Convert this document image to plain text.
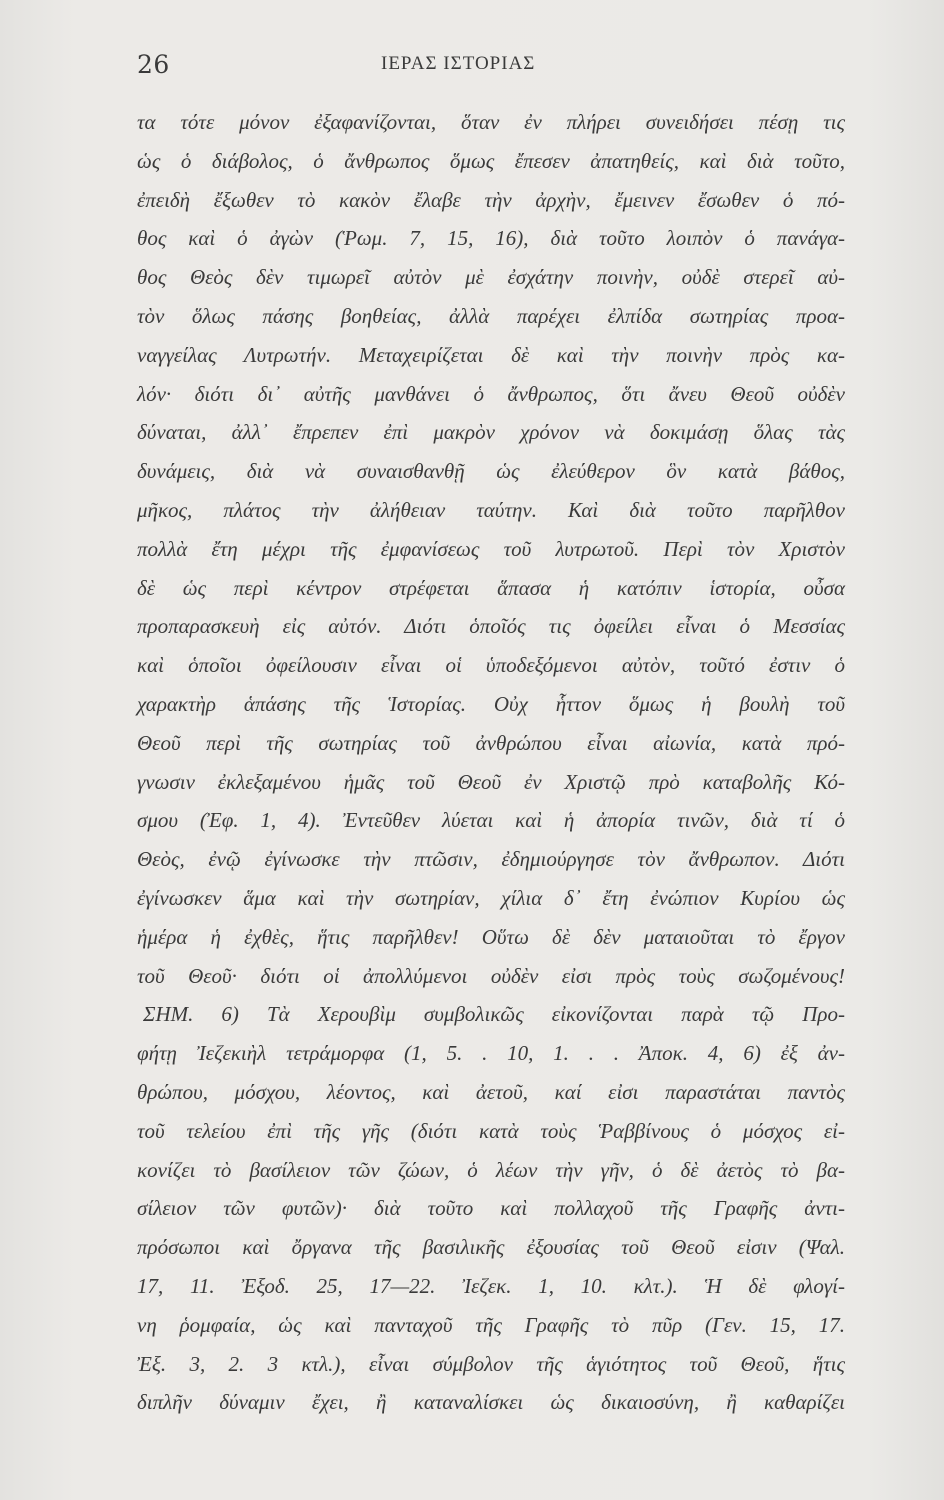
26	ΙΕΡΑΣ ΙΣΤΟΡΙΑΣ
τα τότε μόνον ἐξαφανίζονται, ὅταν ἐν πλήρει συνειδήσει πέσῃ τις
ὡς ὁ διάβολος, ὁ ἄνθρωπος ὅμως ἔπεσεν ἀπατηθείς, καὶ διὰ τοῦτο,
ἐπειδὴ ἔξωθεν τὸ κακὸν ἔλαβε τὴν ἀρχὴν, ἔμεινεν ἔσωθεν ὁ πό-
θος καὶ ὁ ἀγὼν (Ῥωμ. 7, 15, 16), διὰ τοῦτο λοιπὸν ὁ πανάγα-
θος Θεὸς δὲν τιμωρεῖ αὐτὸν μὲ ἐσχάτην ποινὴν, οὐδὲ στερεῖ αὐ-
τὸν ὅλως πάσης βοηθείας, ἀλλὰ παρέχει ἐλπίδα σωτηρίας προα-
ναγγείλας Λυτρωτήν. Μεταχειρίζεται δὲ καὶ τὴν ποινὴν πρὸς κα-
λόν· διότι δι᾽ αὐτῆς μανθάνει ὁ ἄνθρωπος, ὅτι ἄνευ Θεοῦ οὐδὲν
δύναται, ἀλλ᾽ ἔπρεπεν ἐπὶ μακρὸν χρόνον νὰ δοκιμάσῃ ὅλας τὰς
δυνάμεις, διὰ νὰ συναισθανθῇ ὡς ἐλεύθερον ὃν κατὰ βάθος,
μῆκος, πλάτος τὴν ἀλήθειαν ταύτην. Καὶ διὰ τοῦτο παρῆλθον
πολλὰ ἔτη μέχρι τῆς ἐμφανίσεως τοῦ λυτρωτοῦ. Περὶ τὸν Χριστὸν
δὲ ὡς περὶ κέντρον στρέφεται ἅπασα ἡ κατόπιν ἱστορία, οὖσα
προπαρασκευὴ εἰς αὐτόν. Διότι ὁποῖός τις ὀφείλει εἶναι ὁ Μεσσίας
καὶ ὁποῖοι ὀφείλουσιν εἶναι οἱ ὑποδεξόμενοι αὐτὸν, τοῦτό ἐστιν ὁ
χαρακτὴρ ἁπάσης τῆς Ἱστορίας. Οὐχ ἧττον ὅμως ἡ βουλὴ τοῦ
Θεοῦ περὶ τῆς σωτηρίας τοῦ ἀνθρώπου εἶναι αἰωνία, κατὰ πρό-
γνωσιν ἐκλεξαμένου ἡμᾶς τοῦ Θεοῦ ἐν Χριστῷ πρὸ καταβολῆς Κό-
σμου (Ἐφ. 1, 4). Ἐντεῦθεν λύεται καὶ ἡ ἀπορία τινῶν, διὰ τί ὁ
Θεὸς, ἐνῷ ἐγίνωσκε τὴν πτῶσιν, ἐδημιούργησε τὸν ἄνθρωπον. Διότι
ἐγίνωσκεν ἅμα καὶ τὴν σωτηρίαν, χίλια δ᾽ ἔτη ἐνώπιον Κυρίου ὡς
ἡμέρα ἡ ἐχθὲς, ἥτις παρῆλθεν! Οὕτω δὲ δὲν ματαιοῦται τὸ ἔργον
τοῦ Θεοῦ· διότι οἱ ἀπολλύμενοι οὐδὲν εἰσι πρὸς τοὺς σωζομένους!
ΣΗΜ. 6) Τὰ Χερουβὶμ συμβολικῶς εἰκονίζονται παρὰ τῷ Προ-
φήτῃ Ἰεζεκιὴλ τετράμορφα (1, 5. . 10, 1. . . Ἀποκ. 4, 6) ἐξ ἀν-
θρώπου, μόσχου, λέοντος, καὶ ἀετοῦ, καί εἰσι παραστάται παντὸς
τοῦ τελείου ἐπὶ τῆς γῆς (διότι κατὰ τοὺς Ῥαββίνους ὁ μόσχος εἰ-
κονίζει τὸ βασίλειον τῶν ζώων, ὁ λέων τὴν γῆν, ὁ δὲ ἀετὸς τὸ βα-
σίλειον τῶν φυτῶν)· διὰ τοῦτο καὶ πολλαχοῦ τῆς Γραφῆς ἀντι-
πρόσωποι καὶ ὄργανα τῆς βασιλικῆς ἐξουσίας τοῦ Θεοῦ εἰσιν (Ψαλ.
17, 11. Ἐξοδ. 25, 17—22. Ἰεζεκ. 1, 10. κλτ.). Ἡ δὲ φλογί-
νη ῥομφαία, ὡς καὶ πανταχοῦ τῆς Γραφῆς τὸ πῦρ (Γεν. 15, 17.
Ἐξ. 3, 2. 3 κτλ.), εἶναι σύμβολον τῆς ἁγιότητος τοῦ Θεοῦ, ἥτις
διπλῆν δύναμιν ἔχει, ἢ καταναλίσκει ὡς δικαιοσύνη, ἢ καθαρίζει
